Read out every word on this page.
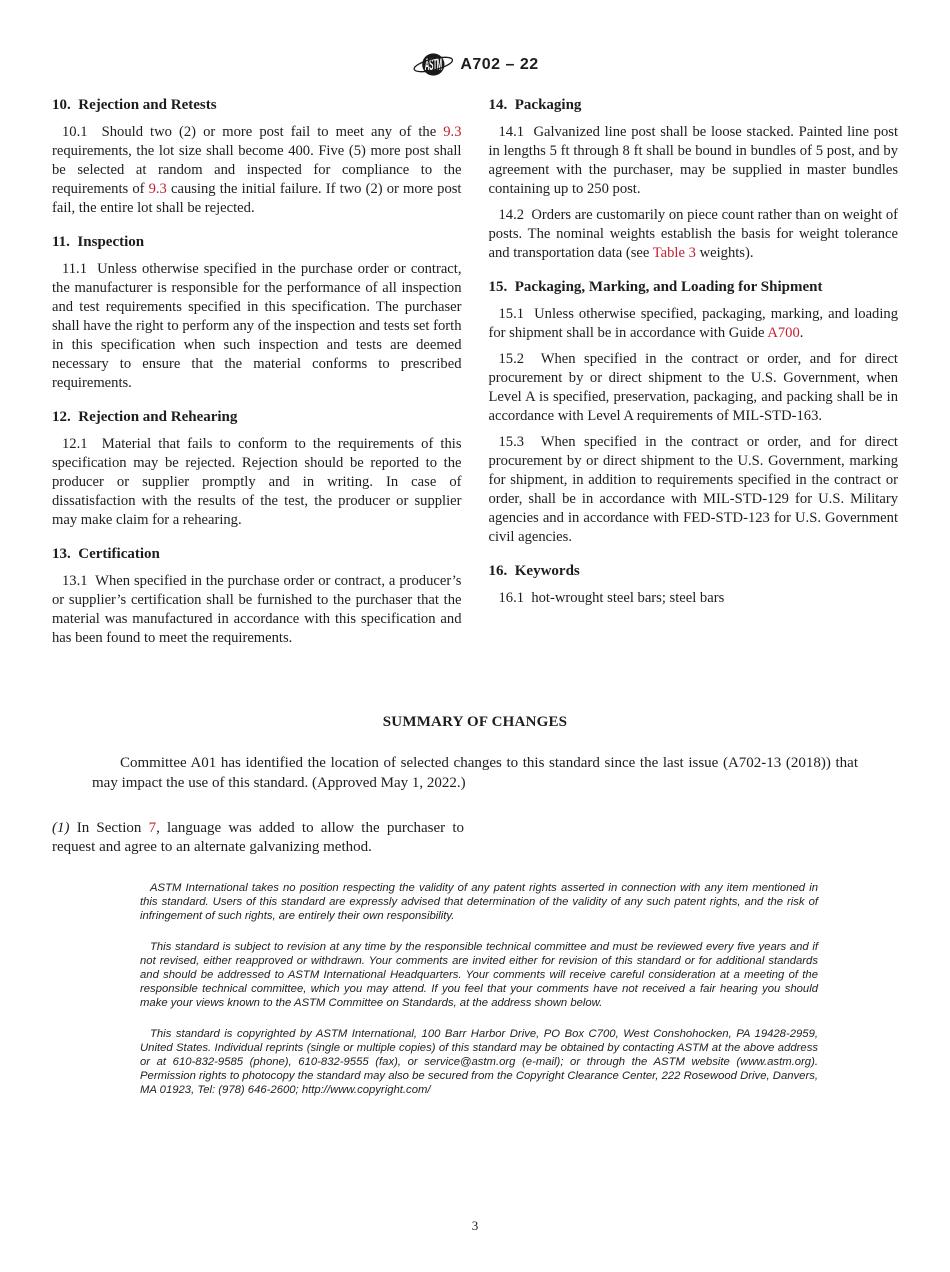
ASTM A702 – 22
10.  Rejection and Retests

10.1  Should two (2) or more post fail to meet any of the 9.3 requirements, the lot size shall become 400. Five (5) more post shall be selected at random and inspected for compliance to the requirements of 9.3 causing the initial failure. If two (2) or more post fail, the entire lot shall be rejected.

11.  Inspection

11.1  Unless otherwise specified in the purchase order or contract, the manufacturer is responsible for the performance of all inspection and test requirements specified in this specification. The purchaser shall have the right to perform any of the inspection and tests set forth in this specification when such inspection and tests are deemed necessary to ensure that the material conforms to prescribed requirements.

12.  Rejection and Rehearing

12.1  Material that fails to conform to the requirements of this specification may be rejected. Rejection should be reported to the producer or supplier promptly and in writing. In case of dissatisfaction with the results of the test, the producer or supplier may make claim for a rehearing.

13.  Certification

13.1  When specified in the purchase order or contract, a producer’s or supplier’s certification shall be furnished to the purchaser that the material was manufactured in accordance with this specification and has been found to meet the requirements.

14.  Packaging

14.1  Galvanized line post shall be loose stacked. Painted line post in lengths 5 ft through 8 ft shall be bound in bundles of 5 post, and by agreement with the purchaser, may be supplied in master bundles containing up to 250 post.

14.2  Orders are customarily on piece count rather than on weight of posts. The nominal weights establish the basis for weight tolerance and transportation data (see Table 3 weights).

15.  Packaging, Marking, and Loading for Shipment

15.1  Unless otherwise specified, packaging, marking, and loading for shipment shall be in accordance with Guide A700.

15.2  When specified in the contract or order, and for direct procurement by or direct shipment to the U.S. Government, when Level A is specified, preservation, packaging, and packing shall be in accordance with Level A requirements of MIL-STD-163.

15.3  When specified in the contract or order, and for direct procurement by or direct shipment to the U.S. Government, marking for shipment, in addition to requirements specified in the contract or order, shall be in accordance with MIL-STD-129 for U.S. Military agencies and in accordance with FED-STD-123 for U.S. Government civil agencies.

16.  Keywords

16.1  hot-wrought steel bars; steel bars

SUMMARY OF CHANGES

Committee A01 has identified the location of selected changes to this standard since the last issue (A702-13 (2018)) that may impact the use of this standard. (Approved May 1, 2022.)

(1) In Section 7, language was added to allow the purchaser to request and agree to an alternate galvanizing method.

ASTM International takes no position respecting the validity of any patent rights asserted in connection with any item mentioned in this standard. Users of this standard are expressly advised that determination of the validity of any such patent rights, and the risk of infringement of such rights, are entirely their own responsibility.

This standard is subject to revision at any time by the responsible technical committee and must be reviewed every five years and if not revised, either reapproved or withdrawn. Your comments are invited either for revision of this standard or for additional standards and should be addressed to ASTM International Headquarters. Your comments will receive careful consideration at a meeting of the responsible technical committee, which you may attend. If you feel that your comments have not received a fair hearing you should make your views known to the ASTM Committee on Standards, at the address shown below.

This standard is copyrighted by ASTM International, 100 Barr Harbor Drive, PO Box C700, West Conshohocken, PA 19428-2959, United States. Individual reprints (single or multiple copies) of this standard may be obtained by contacting ASTM at the above address or at 610-832-9585 (phone), 610-832-9555 (fax), or service@astm.org (e-mail); or through the ASTM website (www.astm.org). Permission rights to photocopy the standard may also be secured from the Copyright Clearance Center, 222 Rosewood Drive, Danvers, MA 01923, Tel: (978) 646-2600; http://www.copyright.com/

3
